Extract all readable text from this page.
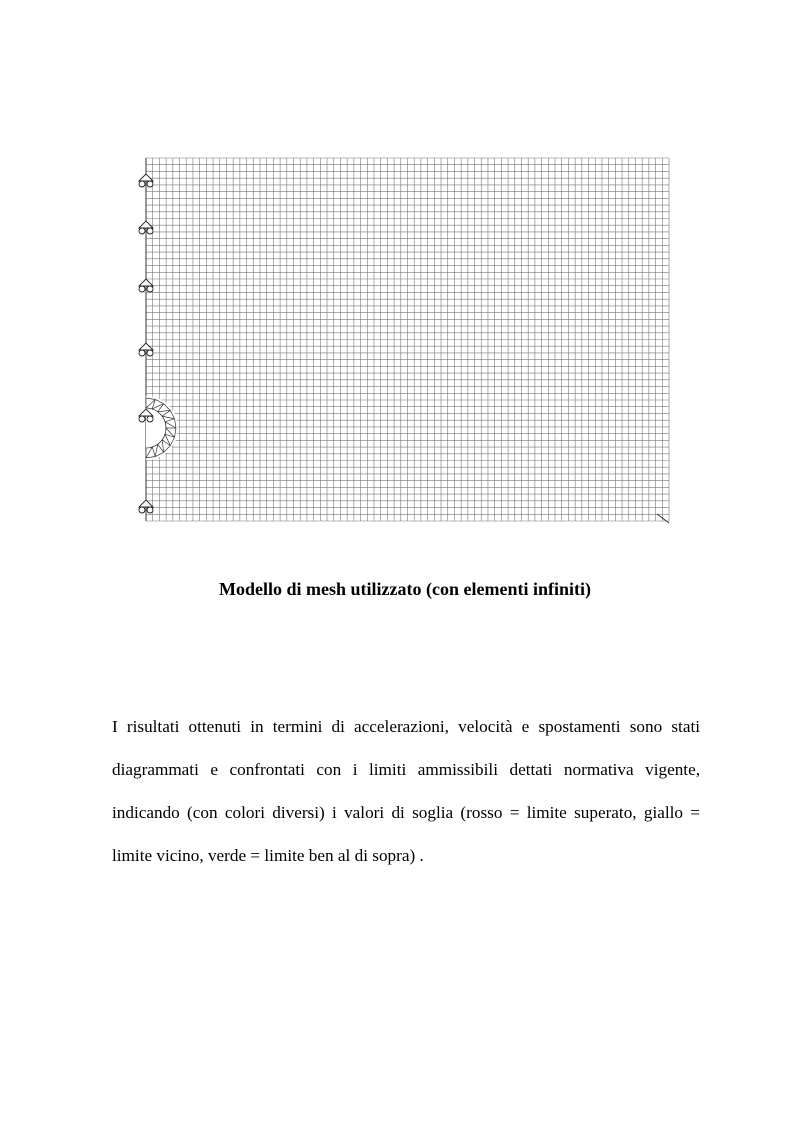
Modello di mesh utilizzato (con elementi infiniti)

I risultati ottenuti in termini di accelerazioni, velocità e spostamenti sono stati diagrammati e confrontati con i limiti ammissibili dettati normativa vigente, indicando (con colori diversi) i valori di soglia (rosso = limite superato, giallo = limite vicino, verde = limite ben al di sopra) .
